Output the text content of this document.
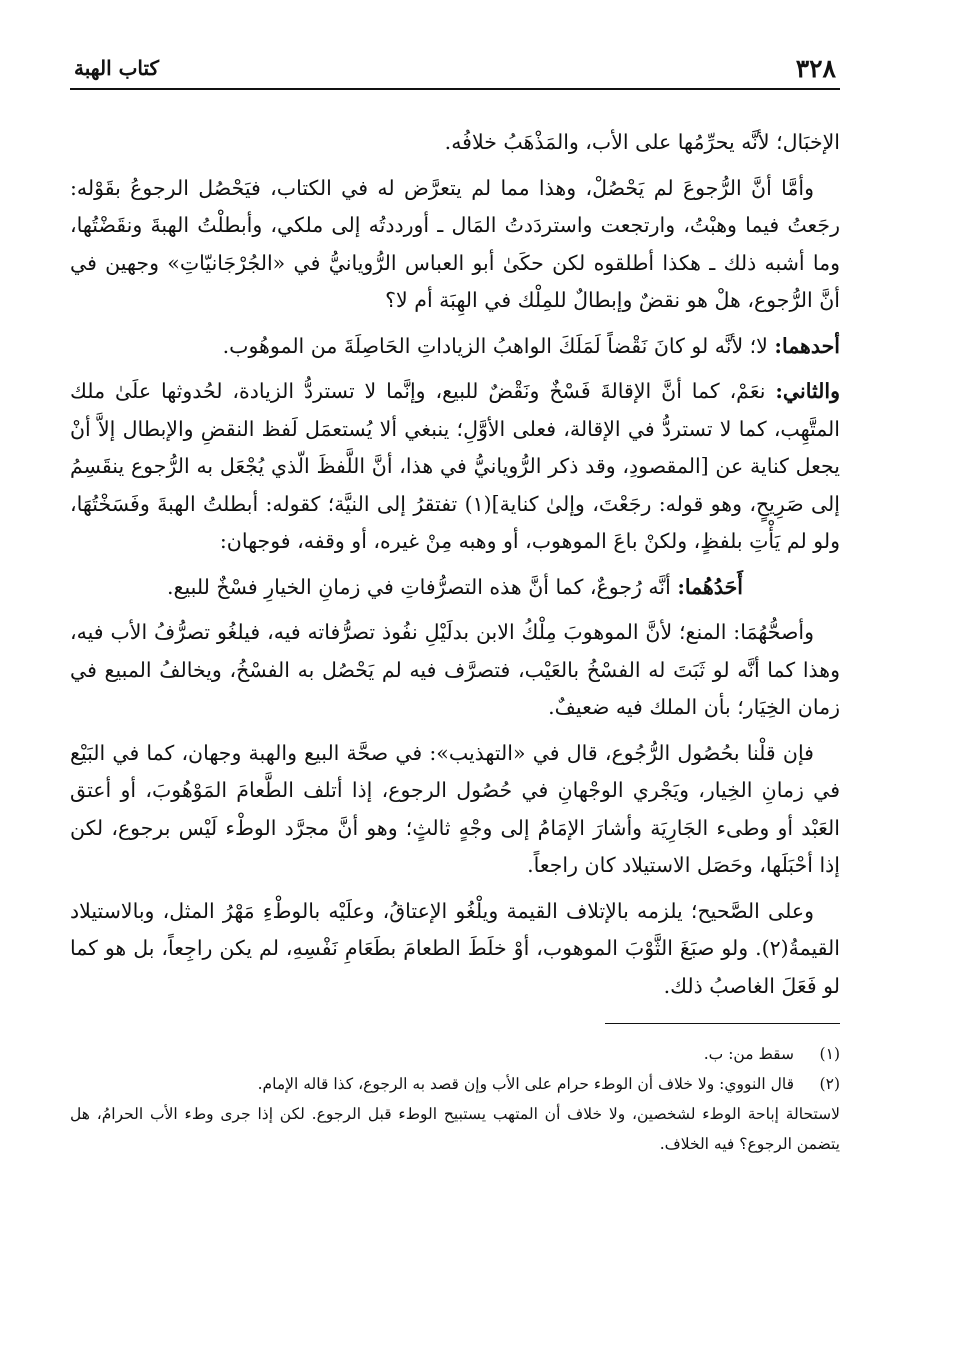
٣٢٨
كتاب الهبة

الإخبَال؛ لأنَّه يحرِّمُها على الأب، والمَذْهَبُ خلافُه.

وأمَّا أنَّ الرُّجوعَ لم يَحْصُلْ، وهذا مما لم يتعرَّض له في الكتاب، فيَحْصُل الرجوعُ بقَوْله: رجَعتُ فيما وهبْتُ، وارتجعت واستردَدتُ المَال ـ أورددتُه إلى ملكي، وأبطلْتُ الهبةَ ونقَضْتُها، وما أشبه ذلك ـ هكذا أطلقوه لكن حكَىٰ أبو العباس الرُّويانيُّ في «الجُرْجَانيّاتِ» وجهين في أنَّ الرُّجوع، هلْ هو نقضٌ وإبطالٌ للمِلْك في الهِبَة أم لا؟

أحدهما: لا؛ لأنَّه لو كانَ نَقْضاً لَمَلَكَ الواهبُ الزياداتِ الحَاصِلَةَ من الموهُوب.

والثاني: نعَمْ، كما أنَّ الإقالةَ فَسْخٌ ونَقْضٌ للبيع، وإنَّما لا تستردُّ الزيادة، لحُدوثها علَىٰ ملك المتَّهِب، كما لا تستردُّ في الإقالة، فعلى الأوَّلِ؛ ينبغي ألا يُستعمَل لَفظ النقضِ والإبطال إلاَّ أنْ يجعل كناية عن [المقصودِ، وقد ذكر الرُّويانيُّ في هذا، أنَّ اللَّفظَ الّذي يُجْعَل به الرُّجوع ينقَسِمُ إلى صَرِيحٍ، وهو قوله: رجَعْتَ، وإلىٰ كناية](١) تفتقرُ إلى النيَّة؛ كقوله: أبطلتُ الهبةَ وفَسَخْتُهَا، ولو لم يَأْتِ بلفظٍ، ولكنْ باعَ الموهوب، أو وهبه مِنْ غيره، أو وقفه، فوجهان:

أَحَدُهُما: أنَّه رُجوعٌ، كما أنَّ هذه التصرُّفاتِ في زمانِ الخيارِ فسْخٌ للبيع.

وأصحُّهُمَا: المنع؛ لأنَّ الموهوبَ مِلْكُ الابن بدلَيْلِ نفُوذ تصرُّفاته فيه، فيلغُو تصرُّفُ الأب فيه، وهذا كما أنَّه لو ثَبَتَ له الفسْخُ بالعَيْب، فتصرَّف فيه لم يَحْصُل به الفسْخُ، ويخالفُ المبيع في زمان الخِيَار؛ بأن الملك فيه ضعيفٌ.

فإن قلْنا بحُصُول الرُّجُوع، قال في «التهذيب»: في صحَّة البيع والهبة وجهان، كما في البَيْع في زمانِ الخِيار، ويَجْري الوجْهانِ في حُصُول الرجوع، إذا أتلف الطَّعامَ المَوْهُوبَ، أو أعتق العَبْد أو وطىء الجَارِيَة وأشارَ الإمَامُ إلى وجْهٍ ثالثٍ؛ وهو أنَّ مجرَّد الوطْء لَيْس برجوع، لكن إذا أحْبَلَها، وحَصَل الاستيلاد كان راجعاً.

وعلى الصَّحيح؛ يلزمه بالإتلاف القيمة ويلْغُو الإعتاقُ، وعلَيْه بالوطْءِ مَهْرُ المثل، وبالاستيلاد القيمةُ(٢). ولو صبَغَ الثَّوْبَ الموهوب، أوْ خلَطَ الطعامَ بطَعَامِ نَفْسِهِ، لم يكن راجِعاً، بل هو كما لو فَعَلَ الغاصبُ ذلك.

(١)
سقط من: ب.
(٢)
قال النووي: ولا خلاف أن الوطء حرام على الأب وإن قصد به الرجوع، كذا قاله الإمام.
لاستحالة إباحة الوطء لشخصين، ولا خلاف أن المتهب يستبيح الوطء قبل الرجوع. لكن إذا جرى وطء الأب الحرامُ، هل يتضمن الرجوع؟ فيه الخلاف.
